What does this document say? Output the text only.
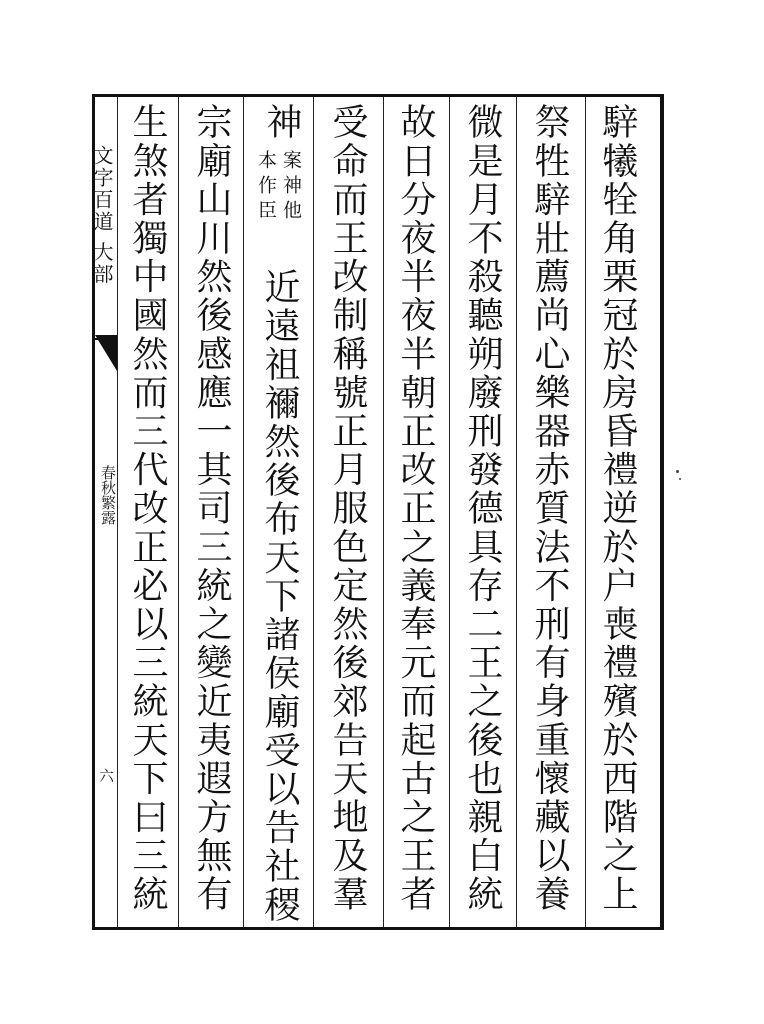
文字百道 大部
春秋繁露
六	騂犧牷角栗冠於房昏禮逆於户喪禮殯於西階之上
祭牲騂壯薦尚心樂器赤質法不刑有身重懷藏以養
微是月不殺聽朔廢刑發德具存二王之後也親白統
故日分夜半夜半朝正改正之義奉元而起古之王者
受命而王改制稱號正月服色定然後郊告天地及羣
神
案神他
本作臣
近遠祖禰然後布天下諸侯廟受以告社稷
宗廟山川然後感應一其司三統之變近夷遐方無有
生煞者獨中國然而三代改正必以三統天下曰三統
